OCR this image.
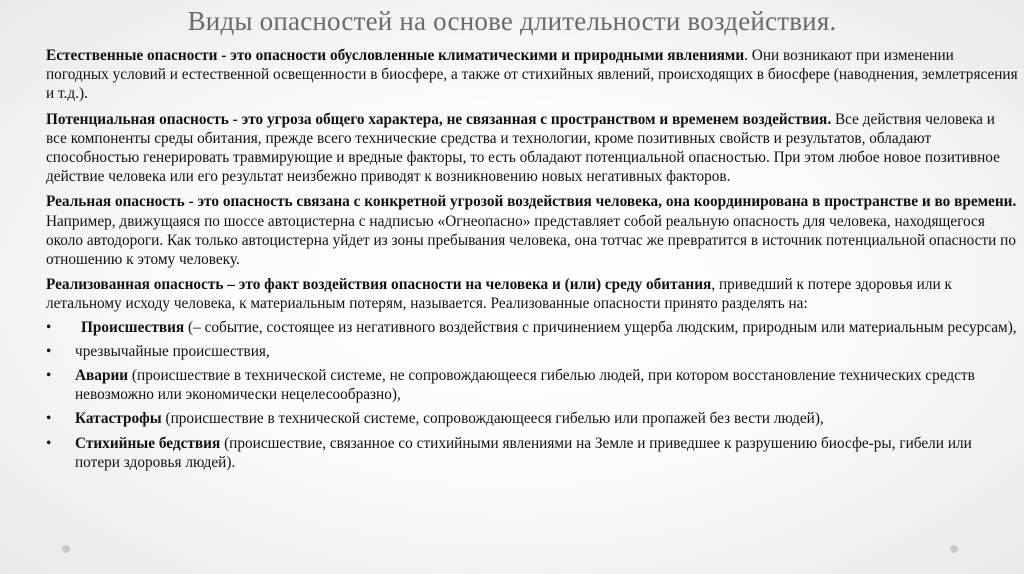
Виды опасностей на основе длительности воздействия.

Естественные опасности - это опасности обусловленные климатическими и природными явлениями. Они возникают при изменении погодных условий и естественной освещенности в биосфере, а также от стихийных явлений, происходящих в биосфере (наводнения, землетрясения и т.д.).

Потенциальная опасность - это угроза общего характера, не связанная с пространством и временем воздействия. Все действия человека и все компоненты среды обитания, прежде всего технические средства и технологии, кроме позитивных свойств и результатов, обладают способностью генерировать травмирующие и вредные факторы, то есть обладают потенциальной опасностью. При этом любое новое позитивное действие человека или его результат неизбежно приводят к возникновению новых негативных факторов.

Реальная опасность - это опасность связана с конкретной угрозой воздействия человека, она координирована в пространстве и во времени. Например, движущаяся по шоссе автоцистерна с надписью «Огнеопасно» представляет собой реальную опасность для человека, находящегося около автодороги. Как только автоцистерна уйдет из зоны пребывания человека, она тотчас же превратится в источник потенциальной опасности по отношению к этому человеку.

Реализованная опасность – это факт воздействия опасности на человека и (или) среду обитания, приведший к потере здоровья или к летальному исходу человека, к материальным потерям, называется. Реализованные опасности принято разделять на:

•	Происшествия (– событие, состоящее из негативного воздействия с причинением ущерба людским, природным или материальным ресурсам),
• чрезвычайные происшествия,
• Аварии (происшествие в технической системе, не сопровождающееся гибелью людей, при котором восстановление технических средств невозможно или экономически нецелесообразно),
• Катастрофы (происшествие в технической системе, сопровождающееся гибелью или пропажей без вести людей),
• Стихийные бедствия (происшествие, связанное со стихийными явлениями на Земле и приведшее к разрушению биосфе-ры, гибели или потери здоровья людей).
